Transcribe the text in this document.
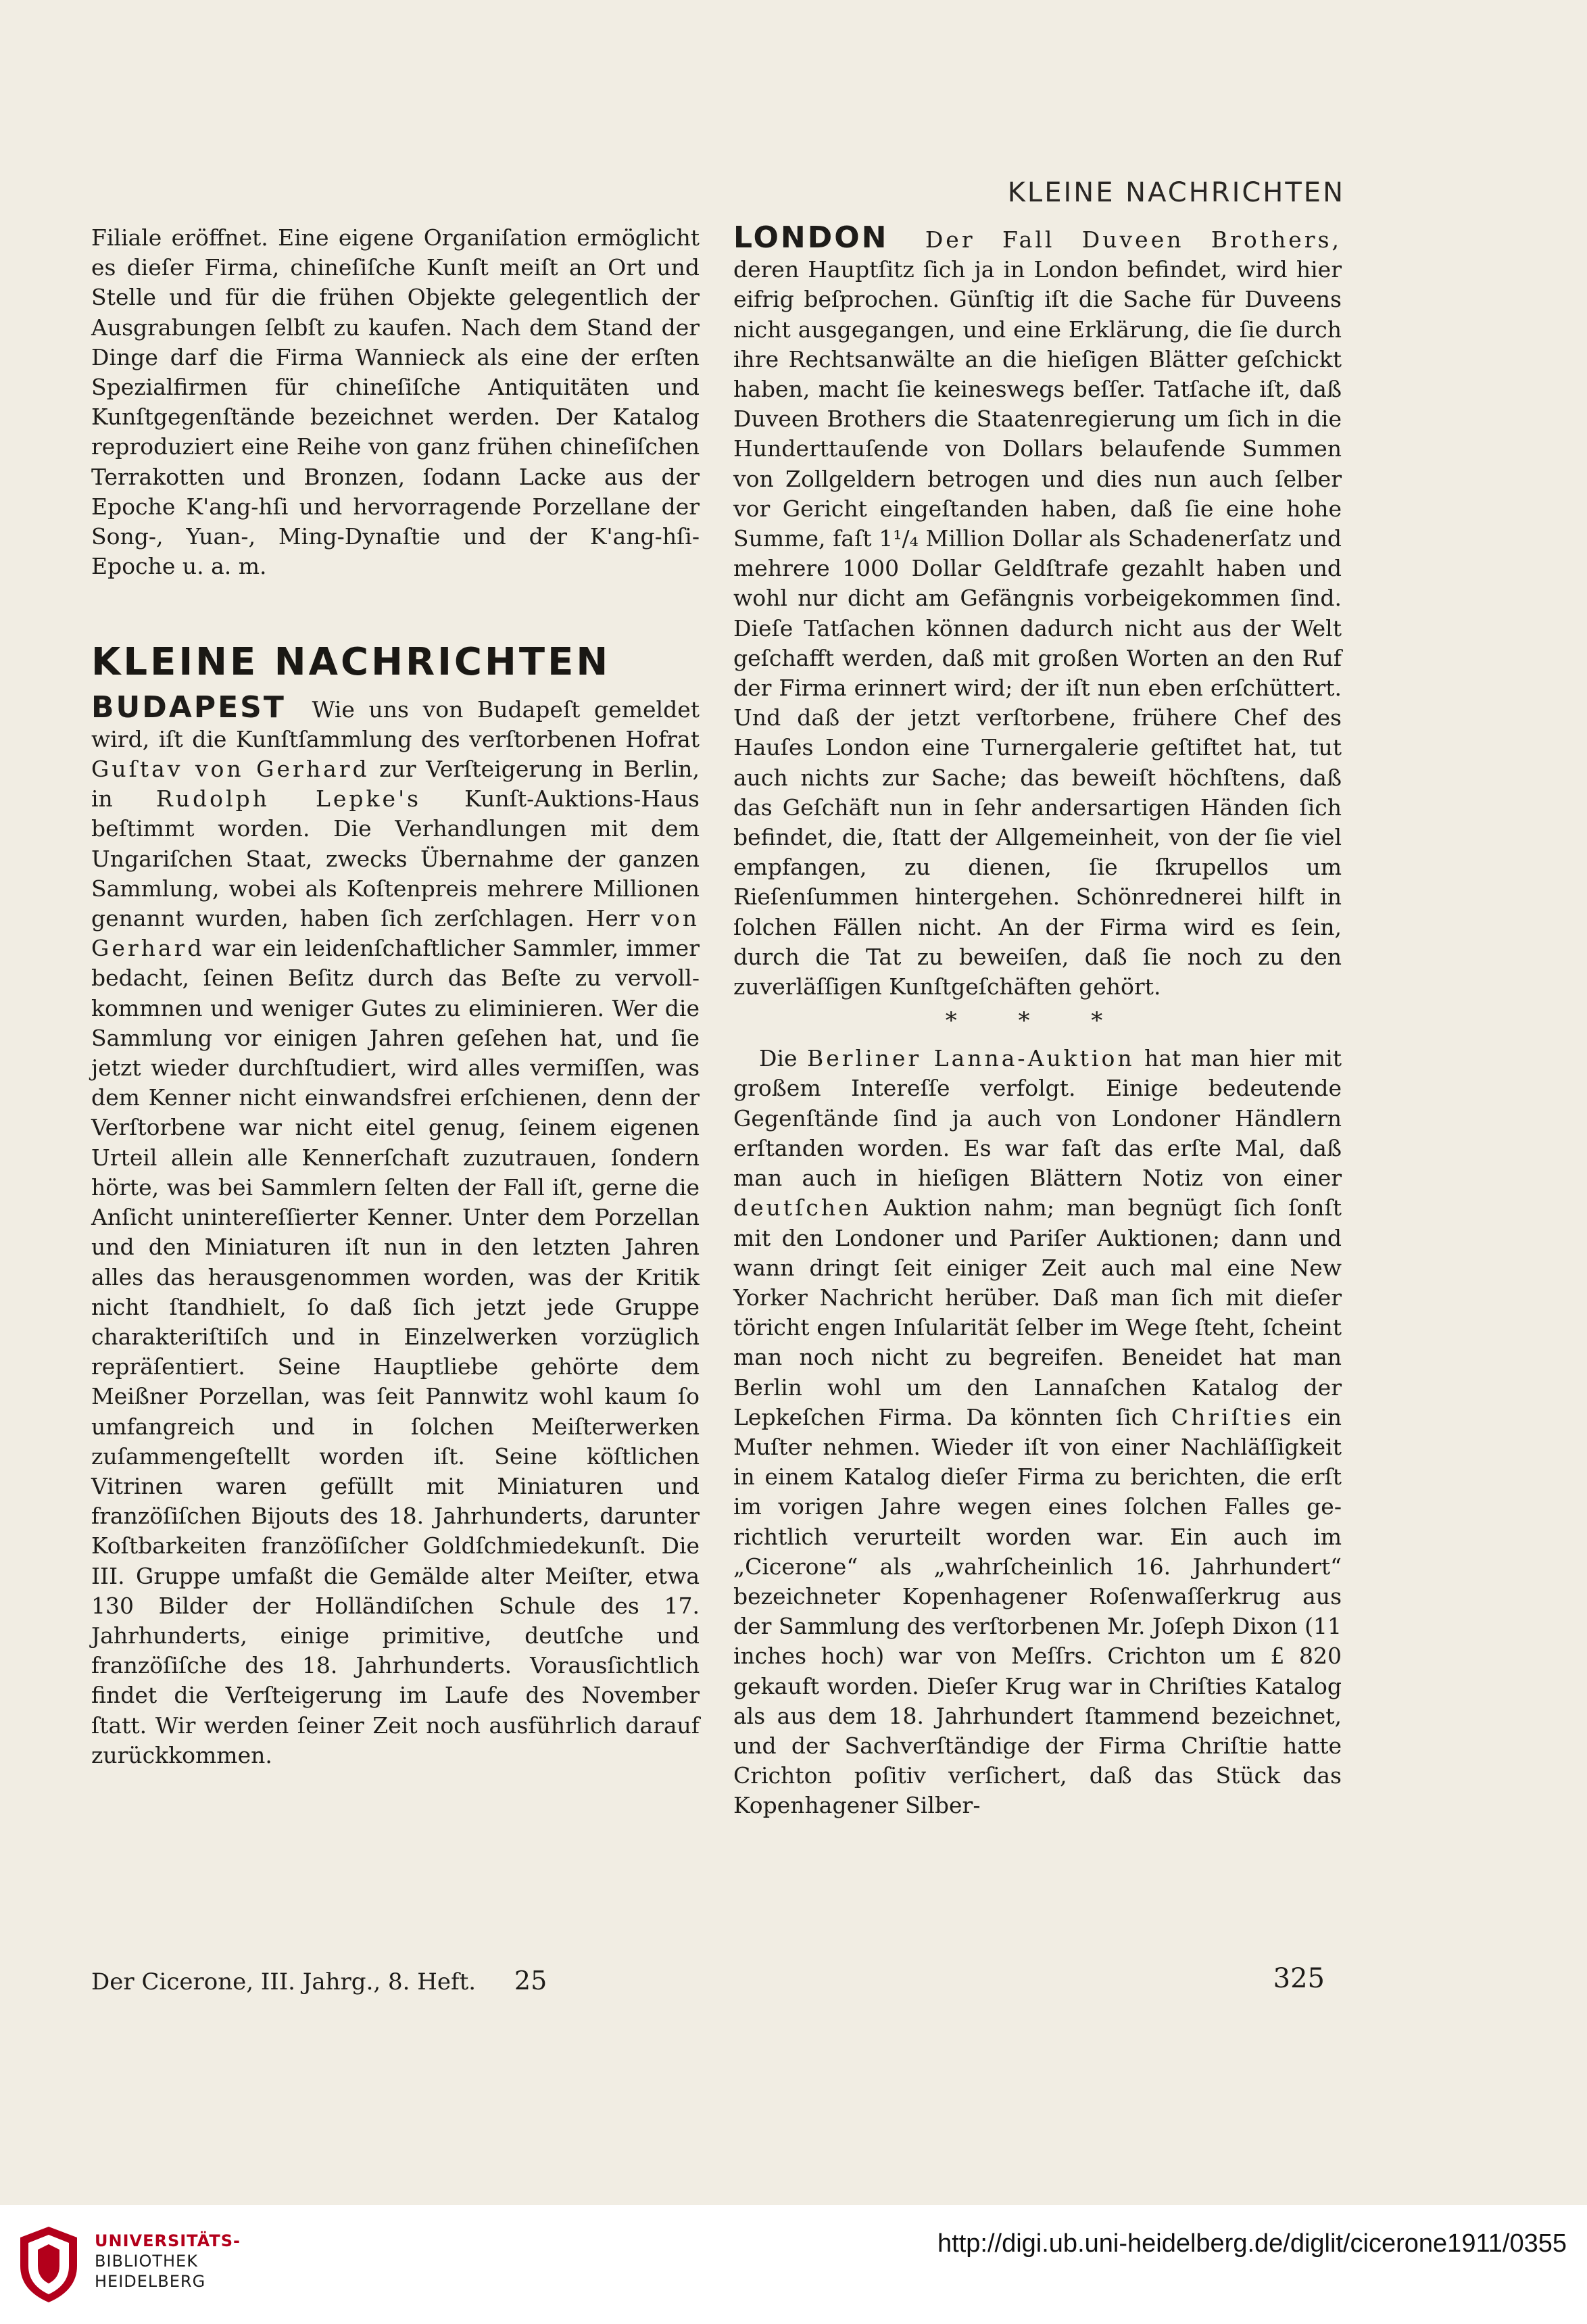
KLEINE NACHRICHTEN

Filiale eröffnet. Eine eigene Organiſation ermöglicht es dieſer Firma, chineſiſche Kunſt meiſt an Ort und Stelle und für die frühen Objekte gelegentlich der Ausgrabungen ſelbſt zu kaufen. Nach dem Stand der Dinge darf die Firma Wannieck als eine der erſten Spezialfirmen für chineſiſche Antiquitäten und Kunſtgegenſtände bezeichnet werden. Der Katalog reproduziert eine Reihe von ganz frühen chineſiſchen Terrakotten und Bronzen, ſodann Lacke aus der Epoche K'ang-hſi und hervorragende Porzellane der Song-, Yuan-, Ming-Dynaſtie und der K'ang-hſi-Epoche u. a. m.

KLEINE NACHRICHTEN

BUDAPEST Wie uns von Budapeſt gemeldet wird, iſt die Kunſtſammlung des verſtorbenen Hofrat Guſtav von Gerhard zur Verſteigerung in Berlin, in Rudolph Lepke's Kunſt-Auktions-Haus beſtimmt worden. Die Verhandlungen mit dem Ungariſchen Staat, zwecks Übernahme der ganzen Sammlung, wobei als Koſtenpreis mehrere Millionen genannt wurden, haben ſich zerſchlagen. Herr von Gerhard war ein leidenſchaftlicher Sammler, immer bedacht, ſeinen Beſitz durch das Beſte zu vervollkommnen und weniger Gutes zu eliminieren. Wer die Sammlung vor einigen Jahren geſehen hat, und ſie jetzt wieder durchſtudiert, wird alles vermiſſen, was dem Kenner nicht einwandsfrei erſchienen, denn der Verſtorbene war nicht eitel genug, ſeinem eigenen Urteil allein alle Kennerſchaft zuzutrauen, ſondern hörte, was bei Sammlern ſelten der Fall iſt, gerne die Anſicht unintereſſierter Kenner. Unter dem Porzellan und den Miniaturen iſt nun in den letzten Jahren alles das herausgenommen worden, was der Kritik nicht ſtandhielt, ſo daß ſich jetzt jede Gruppe charakteriſtiſch und in Einzelwerken vorzüglich repräſentiert. Seine Hauptliebe gehörte dem Meißner Porzellan, was ſeit Pannwitz wohl kaum ſo umfangreich und in ſolchen Meiſterwerken zuſammengeſtellt worden iſt. Seine köſtlichen Vitrinen waren gefüllt mit Miniaturen und franzöſiſchen Bijouts des 18. Jahrhunderts, darunter Koſtbarkeiten franzöſiſcher Goldſchmiedekunſt. Die III. Gruppe umfaßt die Gemälde alter Meiſter, etwa 130 Bilder der Holländiſchen Schule des 17. Jahrhunderts, einige primitive, deutſche und franzöſiſche des 18. Jahrhunderts. Vorausſichtlich findet die Verſteigerung im Laufe des November ſtatt. Wir werden ſeiner Zeit noch ausführlich darauf zurückkommen.

LONDON Der Fall Duveen Brothers, deren Hauptſitz ſich ja in London befindet, wird hier eifrig beſprochen. Günſtig iſt die Sache für Duveens nicht ausgegangen, und eine Erklärung, die ſie durch ihre Rechtsanwälte an die hieſigen Blätter geſchickt haben, macht ſie keineswegs beſſer. Tatſache iſt, daß Duveen Brothers die Staatenregierung um ſich in die Hunderttauſende von Dollars belaufende Summen von Zollgeldern betrogen und dies nun auch ſelber vor Gericht eingeſtanden haben, daß ſie eine hohe Summe, faſt 1¹/₄ Million Dollar als Schadenerſatz und mehrere 1000 Dollar Geldſtrafe gezahlt haben und wohl nur dicht am Gefängnis vorbeigekommen ſind. Dieſe Tatſachen können dadurch nicht aus der Welt geſchafft werden, daß mit großen Worten an den Ruf der Firma erinnert wird; der iſt nun eben erſchüttert. Und daß der jetzt verſtorbene, frühere Chef des Hauſes London eine Turnergalerie geſtiftet hat, tut auch nichts zur Sache; das beweiſt höchſtens, daß das Geſchäft nun in ſehr andersartigen Händen ſich befindet, die, ſtatt der Allgemeinheit, von der ſie viel empfangen, zu dienen, ſie ſkrupellos um Rieſenſummen hintergehen. Schönrednerei hilft in ſolchen Fällen nicht. An der Firma wird es ſein, durch die Tat zu beweiſen, daß ſie noch zu den zuverläſſigen Kunſtgeſchäften gehört.

* * *

Die Berliner Lanna-Auktion hat man hier mit großem Intereſſe verfolgt. Einige bedeutende Gegenſtände ſind ja auch von Londoner Händlern erſtanden worden. Es war faſt das erſte Mal, daß man auch in hieſigen Blättern Notiz von einer deutſchen Auktion nahm; man begnügt ſich ſonſt mit den Londoner und Pariſer Auktionen; dann und wann dringt ſeit einiger Zeit auch mal eine New Yorker Nachricht herüber. Daß man ſich mit dieſer töricht engen Inſularität ſelber im Wege ſteht, ſcheint man noch nicht zu begreifen. Beneidet hat man Berlin wohl um den Lannaſchen Katalog der Lepkeſchen Firma. Da könnten ſich Chriſties ein Muſter nehmen. Wieder iſt von einer Nachläſſigkeit in einem Katalog dieſer Firma zu berichten, die erſt im vorigen Jahre wegen eines ſolchen Falles gerichtlich verurteilt worden war. Ein auch im „Cicerone“ als „wahrſcheinlich 16. Jahrhundert“ bezeichneter Kopenhagener Roſenwaſſerkrug aus der Sammlung des verſtorbenen Mr. Joſeph Dixon (11 inches hoch) war von Meſſrs. Crichton um £ 820 gekauft worden. Dieſer Krug war in Chriſties Katalog als aus dem 18. Jahrhundert ſtammend bezeichnet, und der Sachverſtändige der Firma Chriſtie hatte Crichton poſitiv verſichert, daß das Stück das Kopenhagener Silber-

Der Cicerone, III. Jahrg., 8. Heft. 25	325
UNIVERSITÄTS-
BIBLIOTHEK
HEIDELBERG
http://digi.ub.uni-heidelberg.de/diglit/cicerone1911/0355
